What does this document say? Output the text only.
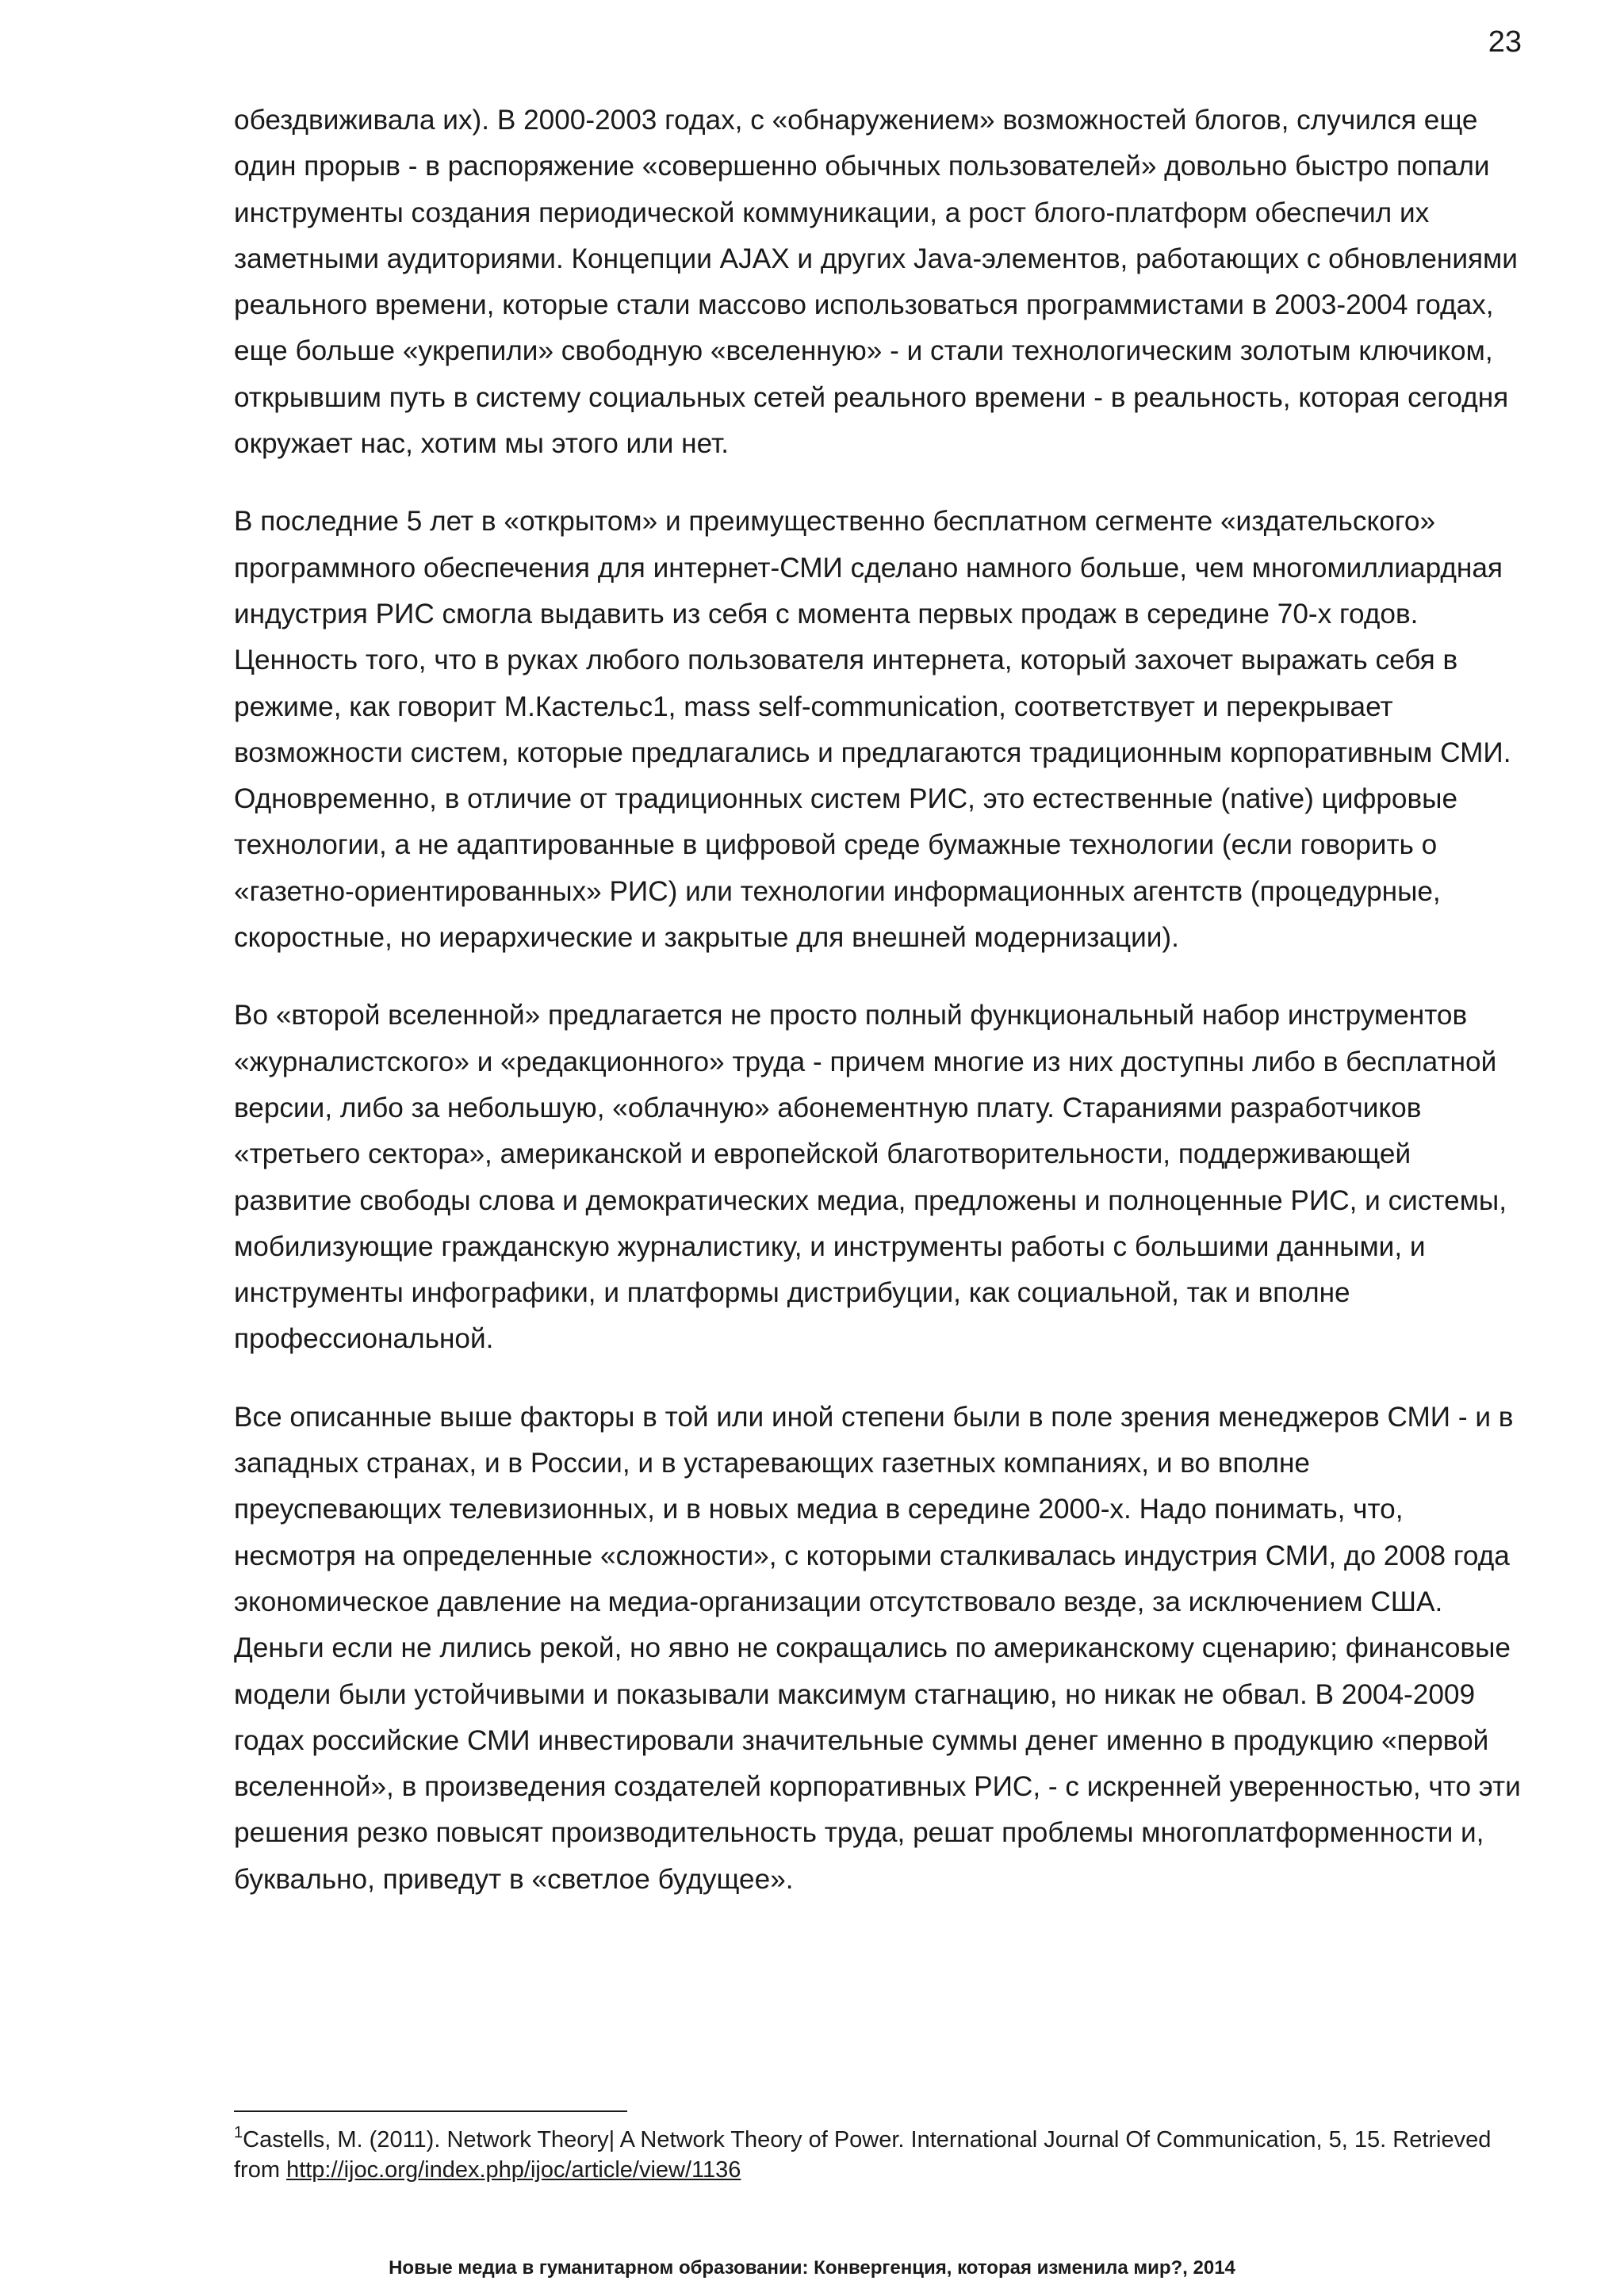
23

обездвиживала их). В 2000-2003 годах, с «обнаружением» возможностей блогов, случился еще один прорыв - в распоряжение «совершенно обычных пользователей» довольно быстро попали инструменты создания периодической коммуникации, а рост блого-платформ обеспечил их заметными аудиториями. Концепции AJAX и других Java-элементов, работающих с обновлениями реального времени, которые стали массово использоваться программистами в 2003-2004 годах, еще больше «укрепили» свободную «вселенную» - и стали технологическим золотым ключиком, открывшим путь в систему социальных сетей реального времени - в реальность, которая сегодня окружает нас, хотим мы этого или нет.

В последние 5 лет в «открытом» и преимущественно бесплатном сегменте «издательского» программного обеспечения для интернет-СМИ сделано намного больше, чем многомиллиардная индустрия РИС смогла выдавить из себя с момента первых продаж в середине 70-х годов. Ценность того, что в руках любого пользователя интернета, который захочет выражать себя в режиме, как говорит М.Кастельс1, mass self-communication, соответствует и перекрывает возможности систем, которые предлагались и предлагаются традиционным корпоративным СМИ. Одновременно, в отличие от традиционных систем РИС, это естественные (native) цифровые технологии, а не адаптированные в цифровой среде бумажные технологии (если говорить о «газетно-ориентированных» РИС) или технологии информационных агентств (процедурные, скоростные, но иерархические и закрытые для внешней модернизации).

Во «второй вселенной» предлагается не просто полный функциональный набор инструментов «журналистского» и «редакционного» труда - причем многие из них доступны либо в бесплатной версии, либо за небольшую, «облачную» абонементную плату. Стараниями разработчиков «третьего сектора», американской и европейской благотворительности, поддерживающей развитие свободы слова и демократических медиа, предложены и полноценные РИС, и системы, мобилизующие гражданскую журналистику, и инструменты работы с большими данными, и инструменты инфографики, и платформы дистрибуции, как социальной, так и вполне профессиональной.

Все описанные выше факторы в той или иной степени были в поле зрения менеджеров СМИ - и в западных странах, и в России, и в устаревающих газетных компаниях, и во вполне преуспевающих телевизионных, и в новых медиа в середине 2000-х. Надо понимать, что, несмотря на определенные «сложности», с которыми сталкивалась индустрия СМИ, до 2008 года экономическое давление на медиа-организации отсутствовало везде, за исключением США. Деньги если не лились рекой, но явно не сокращались по американскому сценарию; финансовые модели были устойчивыми и показывали максимум стагнацию, но никак не обвал. В 2004-2009 годах российские СМИ инвестировали значительные суммы денег именно в продукцию «первой вселенной», в произведения создателей корпоративных РИС, - с искренней уверенностью, что эти решения резко повысят производительность труда, решат проблемы многоплатформенности и, буквально, приведут в «светлое будущее».

$^1$Castells, M. (2011). Network Theory| A Network Theory of Power. International Journal Of Communication, 5, 15. Retrieved from http://ijoc.org/index.php/ijoc/article/view/1136
Новые медиа в гуманитарном образовании: Конвергенция, которая изменила мир?, 2014
